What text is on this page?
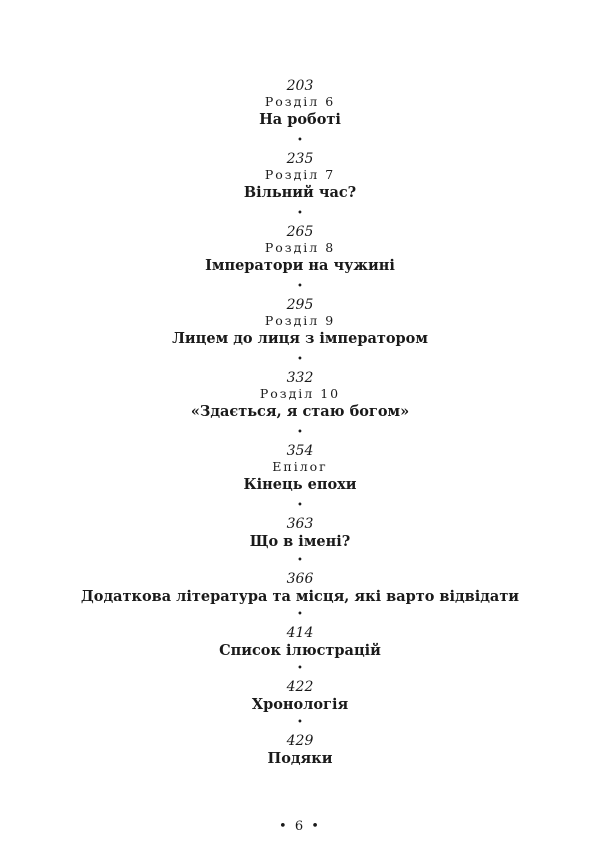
203
Розділ 6
На роботі
•
235
Розділ 7
Вільний час?
•
265
Розділ 8
Імператори на чужині
•
295
Розділ 9
Лицем до лиця з імператором
•
332
Розділ 10
«Здається, я стаю богом»
•
354
Епілог
Кінець епохи
•
363
Що в імені?
•
366
Додаткова література та місця, які варто відвідати
•
414
Список ілюстрацій
•
422
Хронологія
•
429
Подяки
• 6 •
